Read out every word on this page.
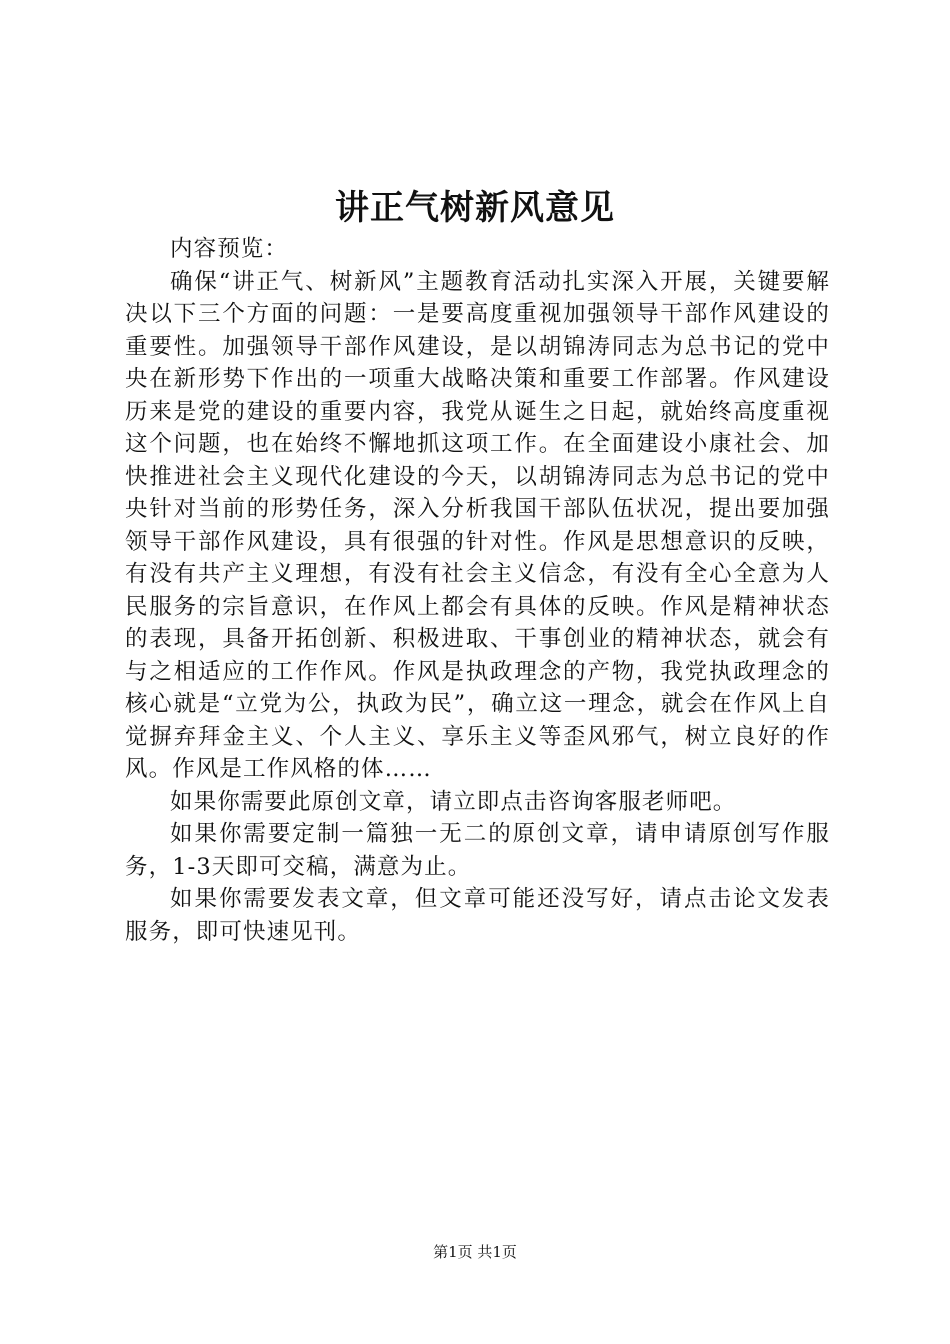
讲正气树新风意见

内容预览：

确保“讲正气、树新风”主题教育活动扎实深入开展，关键要解决以下三个方面的问题：一是要高度重视加强领导干部作风建设的重要性。加强领导干部作风建设，是以胡锦涛同志为总书记的党中央在新形势下作出的一项重大战略决策和重要工作部署。作风建设历来是党的建设的重要内容，我党从诞生之日起，就始终高度重视这个问题，也在始终不懈地抓这项工作。在全面建设小康社会、加快推进社会主义现代化建设的今天，以胡锦涛同志为总书记的党中央针对当前的形势任务，深入分析我国干部队伍状况，提出要加强领导干部作风建设，具有很强的针对性。作风是思想意识的反映，有没有共产主义理想，有没有社会主义信念，有没有全心全意为人民服务的宗旨意识，在作风上都会有具体的反映。作风是精神状态的表现，具备开拓创新、积极进取、干事创业的精神状态，就会有与之相适应的工作作风。作风是执政理念的产物，我党执政理念的核心就是“立党为公，执政为民”，确立这一理念，就会在作风上自觉摒弃拜金主义、个人主义、享乐主义等歪风邪气，树立良好的作风。作风是工作风格的体……

如果你需要此原创文章，请立即点击咨询客服老师吧。

如果你需要定制一篇独一无二的原创文章，请申请原创写作服务，1-3天即可交稿，满意为止。

如果你需要发表文章，但文章可能还没写好，请点击论文发表服务，即可快速见刊。

第1页 共1页
